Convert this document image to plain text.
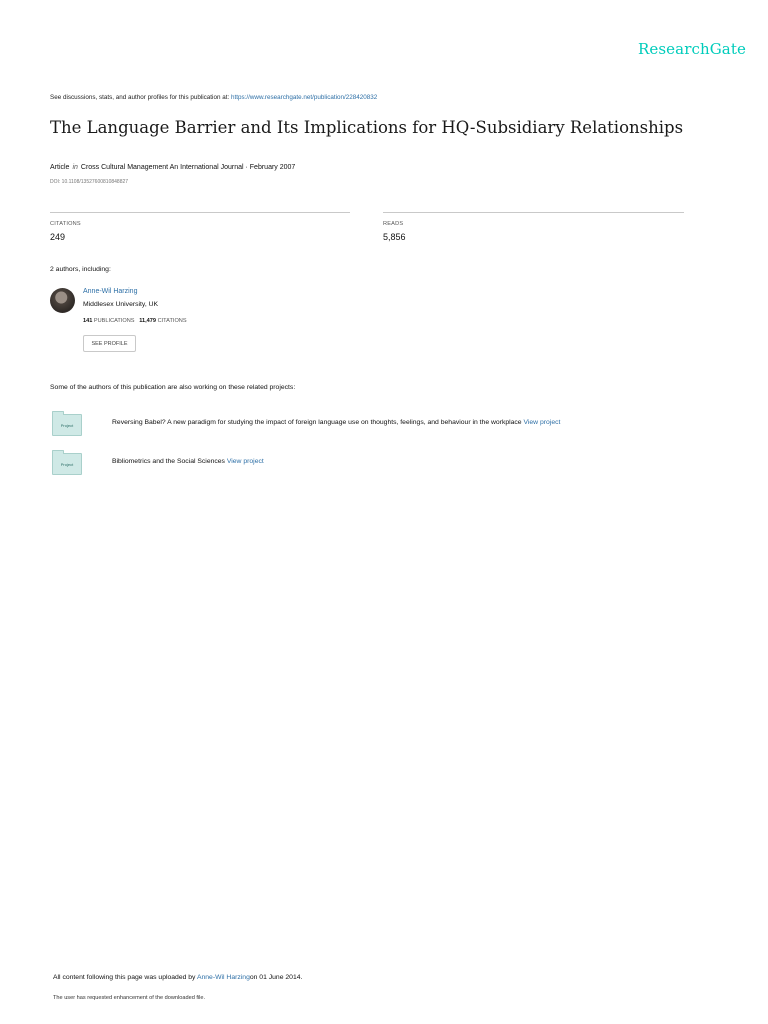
ResearchGate
See discussions, stats, and author profiles for this publication at: https://www.researchgate.net/publication/228420832
The Language Barrier and Its Implications for HQ-Subsidiary Relationships
Article in Cross Cultural Management An International Journal · February 2007
DOI: 10.1108/13527600810848827
CITATIONS
249
READS
5,856
2 authors, including:
Anne-Wil Harzing
Middlesex University, UK
141 PUBLICATIONS 11,479 CITATIONS
SEE PROFILE
Some of the authors of this publication are also working on these related projects:
Project	Reversing Babel? A new paradigm for studying the impact of foreign language use on thoughts, feelings, and behaviour in the workplace View project
Project	Bibliometrics and the Social Sciences View project
All content following this page was uploaded by Anne-Wil Harzingon 01 June 2014.
The user has requested enhancement of the downloaded file.
